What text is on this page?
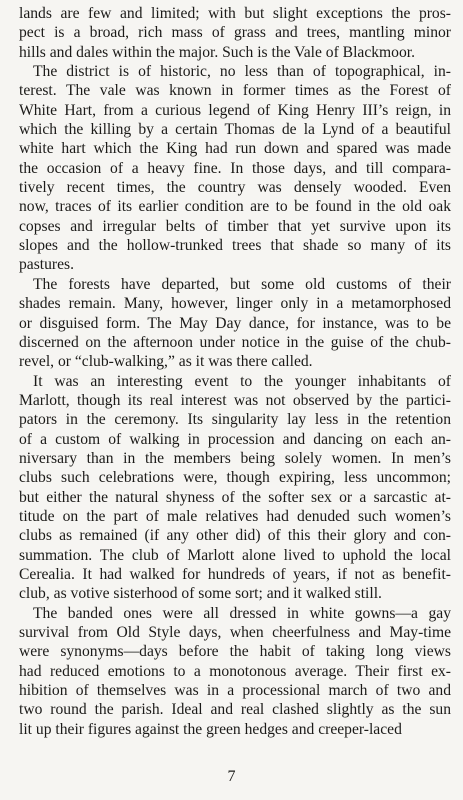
lands are few and limited; with but slight exceptions the pros-
pect is a broad, rich mass of grass and trees, mantling minor
hills and dales within the major. Such is the Vale of Blackmoor.
The district is of historic, no less than of topographical, in-
terest. The vale was known in former times as the Forest of
White Hart, from a curious legend of King Henry III’s reign, in
which the killing by a certain Thomas de la Lynd of a beautiful
white hart which the King had run down and spared was made
the occasion of a heavy fine. In those days, and till compara-
tively recent times, the country was densely wooded. Even
now, traces of its earlier condition are to be found in the old oak
copses and irregular belts of timber that yet survive upon its
slopes and the hollow-trunked trees that shade so many of its
pastures.
The forests have departed, but some old customs of their
shades remain. Many, however, linger only in a metamorphosed
or disguised form. The May Day dance, for instance, was to be
discerned on the afternoon under notice in the guise of the chub-
revel, or “club-walking,” as it was there called.
It was an interesting event to the younger inhabitants of
Marlott, though its real interest was not observed by the partici-
pators in the ceremony. Its singularity lay less in the retention
of a custom of walking in procession and dancing on each an-
niversary than in the members being solely women. In men’s
clubs such celebrations were, though expiring, less uncommon;
but either the natural shyness of the softer sex or a sarcastic at-
titude on the part of male relatives had denuded such women’s
clubs as remained (if any other did) of this their glory and con-
summation. The club of Marlott alone lived to uphold the local
Cerealia. It had walked for hundreds of years, if not as benefit-
club, as votive sisterhood of some sort; and it walked still.
The banded ones were all dressed in white gowns—a gay
survival from Old Style days, when cheerfulness and May-time
were synonyms—days before the habit of taking long views
had reduced emotions to a monotonous average. Their first ex-
hibition of themselves was in a processional march of two and
two round the parish. Ideal and real clashed slightly as the sun
lit up their figures against the green hedges and creeper-laced
7
